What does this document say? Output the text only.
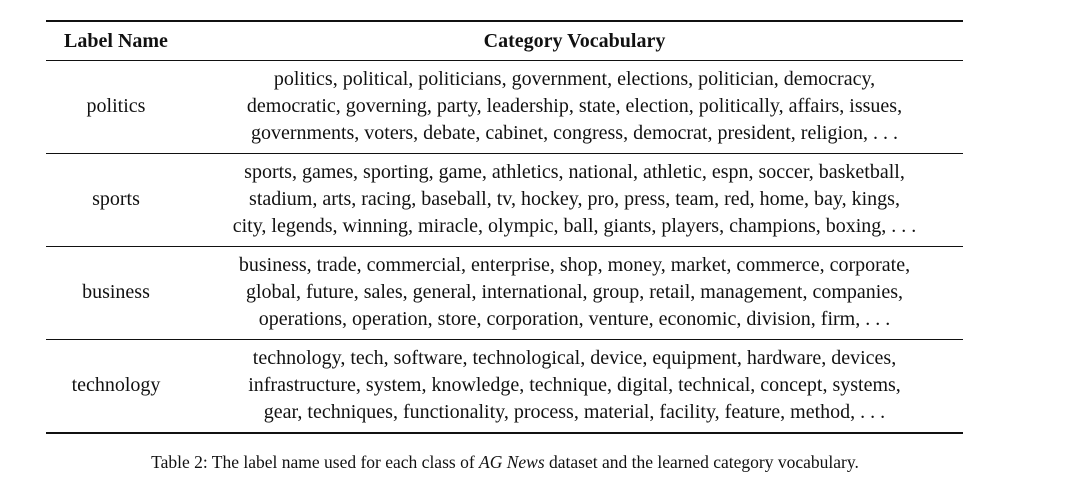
Label Name	Category Vocabulary
politics	politics, political, politicians, government, elections, politician, democracy,
democratic, governing, party, leadership, state, election, politically, affairs, issues,
governments, voters, debate, cabinet, congress, democrat, president, religion, . . .

sports	sports, games, sporting, game, athletics, national, athletic, espn, soccer, basketball,
stadium, arts, racing, baseball, tv, hockey, pro, press, team, red, home, bay, kings,
city, legends, winning, miracle, olympic, ball, giants, players, champions, boxing, . . .

business	business, trade, commercial, enterprise, shop, money, market, commerce, corporate,
global, future, sales, general, international, group, retail, management, companies,
operations, operation, store, corporation, venture, economic, division, firm, . . .

technology	technology, tech, software, technological, device, equipment, hardware, devices,
infrastructure, system, knowledge, technique, digital, technical, concept, systems,
gear, techniques, functionality, process, material, facility, feature, method, . . .
Table 2: The label name used for each class of AG News dataset and the learned category vocabulary.
